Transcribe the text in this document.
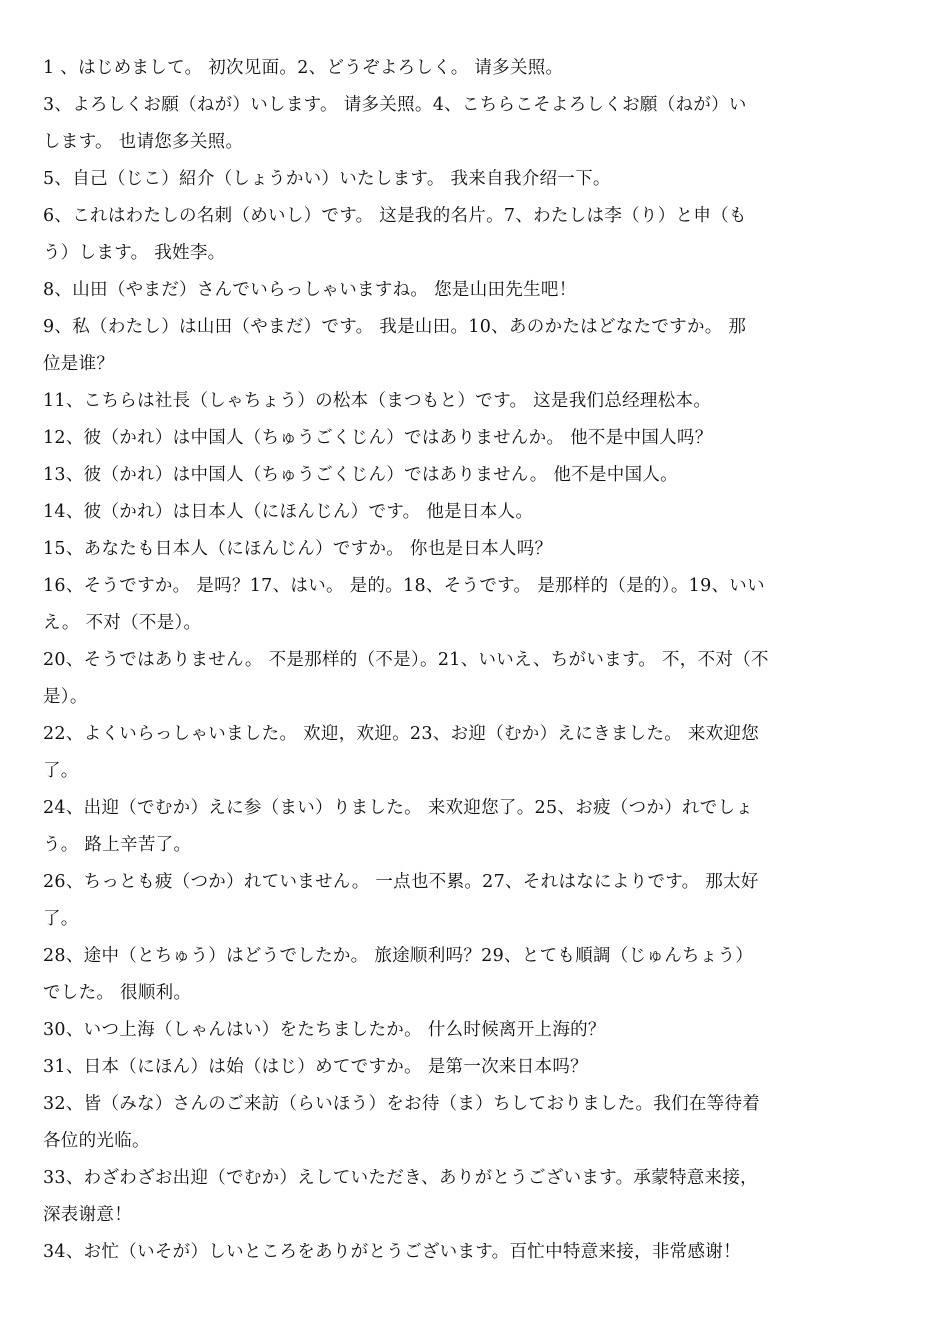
1 、はじめまして。 初次见面。2、どうぞよろしく。 请多关照。
3、よろしくお願（ねが）いします。 请多关照。4、こちらこそよろしくお願（ねが）い
します。 也请您多关照。
5、自己（じこ）紹介（しょうかい）いたします。 我来自我介绍一下。
6、これはわたしの名刺（めいし）です。 这是我的名片。7、わたしは李（り）と申（も
う）します。 我姓李。
8、山田（やまだ）さんでいらっしゃいますね。 您是山田先生吧！
9、私（わたし）は山田（やまだ）です。 我是山田。10、あのかたはどなたですか。 那
位是谁？
11、こちらは社長（しゃちょう）の松本（まつもと）です。 这是我们总经理松本。
12、彼（かれ）は中国人（ちゅうごくじん）ではありませんか。 他不是中国人吗？
13、彼（かれ）は中国人（ちゅうごくじん）ではありません。 他不是中国人。
14、彼（かれ）は日本人（にほんじん）です。 他是日本人。
15、あなたも日本人（にほんじん）ですか。 你也是日本人吗？
16、そうですか。 是吗？17、はい。 是的。18、そうです。 是那样的（是的）。19、いい
え。 不对（不是）。
20、そうではありません。 不是那样的（不是）。21、いいえ、ちがいます。 不，不对（不
是）。
22、よくいらっしゃいました。 欢迎，欢迎。23、お迎（むか）えにきました。 来欢迎您
了。
24、出迎（でむか）えに参（まい）りました。 来欢迎您了。25、お疲（つか）れでしょ
う。 路上辛苦了。
26、ちっとも疲（つか）れていません。 一点也不累。27、それはなによりです。 那太好
了。
28、途中（とちゅう）はどうでしたか。 旅途顺利吗？29、とても順調（じゅんちょう）
でした。 很顺利。
30、いつ上海（しゃんはい）をたちましたか。 什么时候离开上海的？
31、日本（にほん）は始（はじ）めてですか。 是第一次来日本吗？
32、皆（みな）さんのご来訪（らいほう）をお待（ま）ちしておりました。我们在等待着
各位的光临。
33、わざわざお出迎（でむか）えしていただき、ありがとうございます。承蒙特意来接，
深表谢意！
34、お忙（いそが）しいところをありがとうございます。百忙中特意来接，非常感谢！
